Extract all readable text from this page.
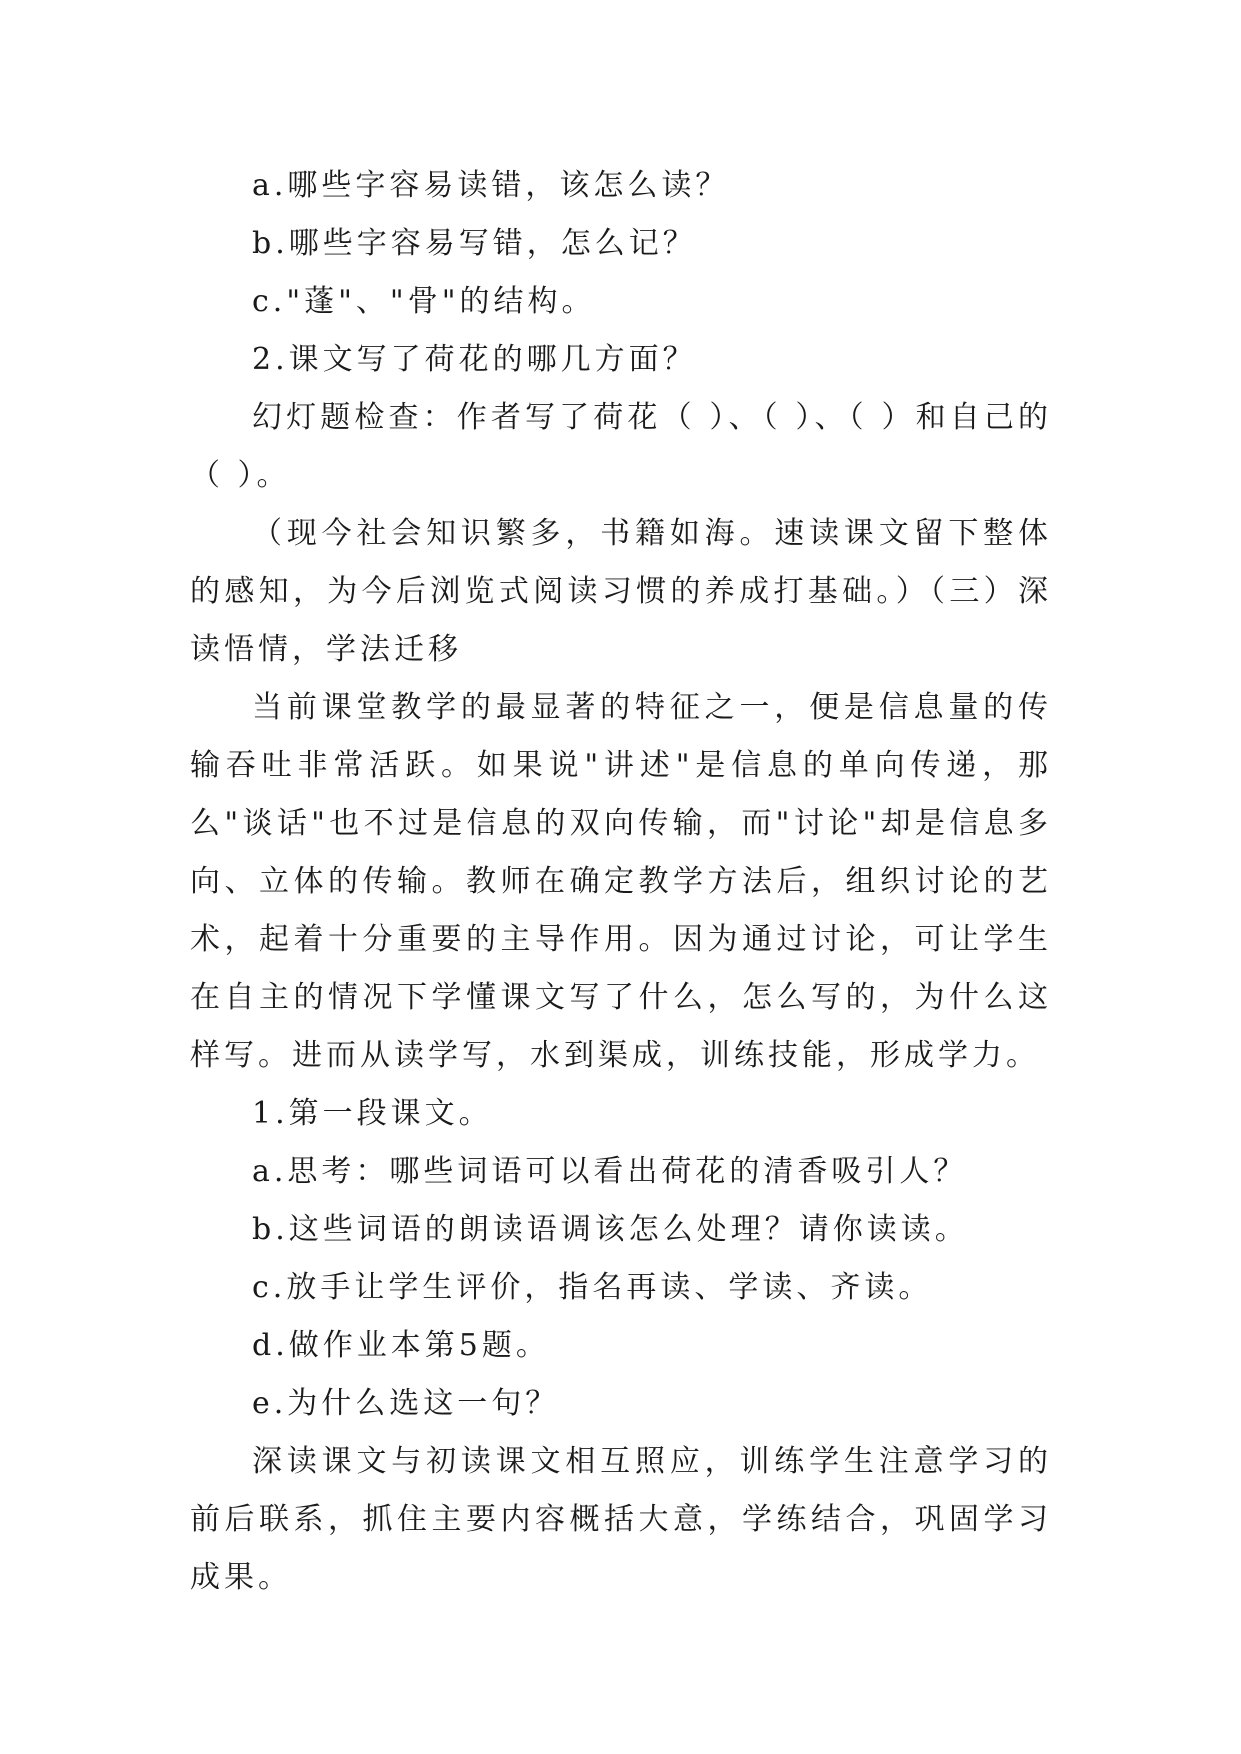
a.哪些字容易读错，该怎么读？

b.哪些字容易写错，怎么记？

c."蓬"、"骨"的结构。

2.课文写了荷花的哪几方面？

幻灯题检查：作者写了荷花（ ）、（ ）、（ ）和自己的（ ）。

（现今社会知识繁多，书籍如海。速读课文留下整体的感知，为今后浏览式阅读习惯的养成打基础。）（三）深读悟情，学法迁移

当前课堂教学的最显著的特征之一，便是信息量的传输吞吐非常活跃。如果说"讲述"是信息的单向传递，那么"谈话"也不过是信息的双向传输，而"讨论"却是信息多向、立体的传输。教师在确定教学方法后，组织讨论的艺术，起着十分重要的主导作用。因为通过讨论，可让学生在自主的情况下学懂课文写了什么，怎么写的，为什么这样写。进而从读学写，水到渠成，训练技能，形成学力。

1.第一段课文。

a.思考：哪些词语可以看出荷花的清香吸引人？

b.这些词语的朗读语调该怎么处理？请你读读。

c.放手让学生评价，指名再读、学读、齐读。

d.做作业本第5题。

e.为什么选这一句？

深读课文与初读课文相互照应，训练学生注意学习的前后联系，抓住主要内容概括大意，学练结合，巩固学习成果。
